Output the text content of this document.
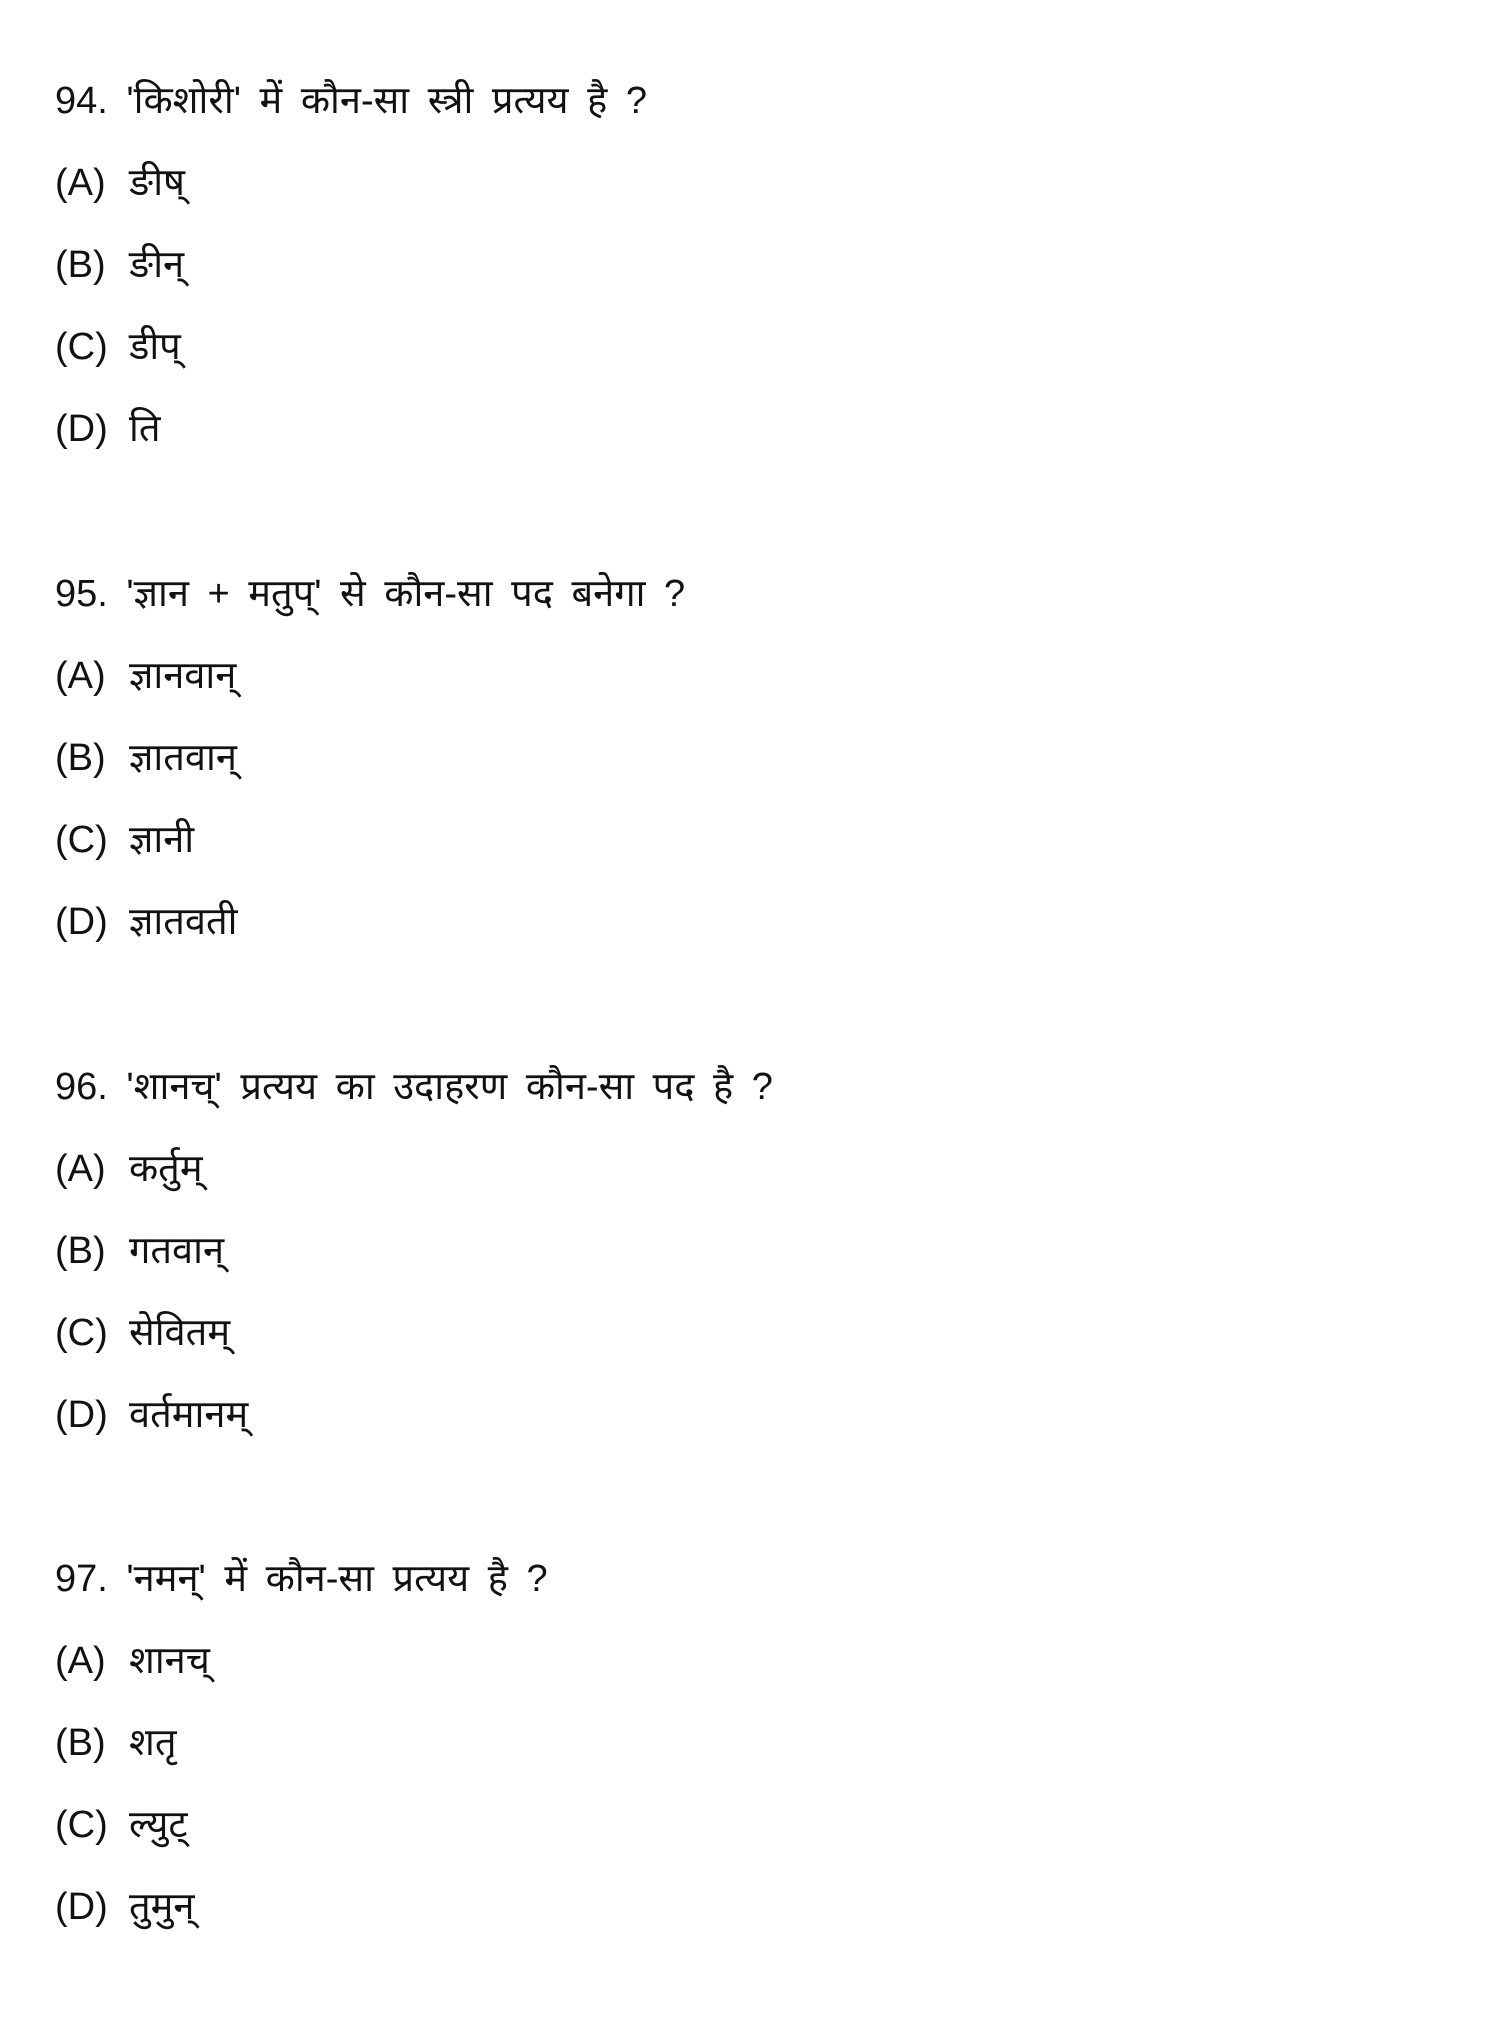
94. 'किशोरी' में कौन-सा स्त्री प्रत्यय है ?
(A) ङीष्
(B) ङीन्
(C) डीप्
(D) ति
95. 'ज्ञान + मतुप्' से कौन-सा पद बनेगा ?
(A) ज्ञानवान्
(B) ज्ञातवान्
(C) ज्ञानी
(D) ज्ञातवती
96. 'शानच्' प्रत्यय का उदाहरण कौन-सा पद है ?
(A) कर्तुम्
(B) गतवान्
(C) सेवितम्
(D) वर्तमानम्
97. 'नमन्' में कौन-सा प्रत्यय है ?
(A) शानच्
(B) शतृ
(C) ल्युट्
(D) तुमुन्
